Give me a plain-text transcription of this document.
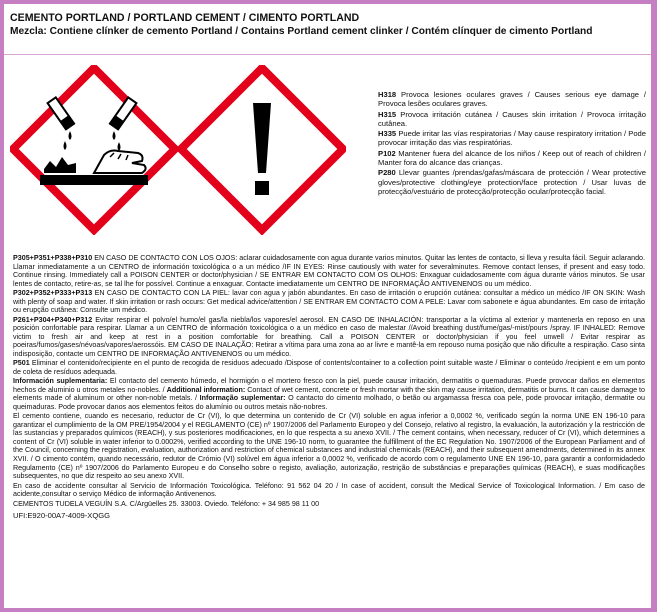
CEMENTO PORTLAND / PORTLAND CEMENT / CIMENTO PORTLAND
Mezcla: Contiene clínker de cemento Portland / Contains Portland cement clinker / Contém clínquer de cimento Portland

H318 Provoca lesiones oculares graves / Causes serious eye damage / Provoca lesões oculares graves.

H315 Provoca irritación cutánea / Causes skin irritation / Provoca irritação cutânea.

H335 Puede irritar las vías respiratorias / May cause respiratory irritation / Pode provocar irritação das vias respiratórias.

P102 Mantener fuera del alcance de los niños / Keep out of reach of children / Manter fora do alcance das crianças.

P280 Llevar guantes /prendas/gafas/máscara de protección / Wear protective gloves/protective clothing/eye protection/face protection / Usar luvas de protecção/vestuário de protecção/protecção ocular/protecção facial.

P305+P351+P338+P310 EN CASO DE CONTACTO CON LOS OJOS: aclarar cuidadosamente con agua durante varios minutos. Quitar las lentes de contacto, si lleva y resulta fácil. Seguir aclarando. Llamar inmediatamente a un CENTRO de información toxicológica o a un médico /IF IN EYES: Rinse cautiously with water for severalminutes. Remove contact lenses, if present and easy todo. Continue rinsing. Immediately call a POISON CENTER or doctor/physician / SE ENTRAR EM CONTACTO COM OS OLHOS: Enxaguar cuidadosamente com água durante vários minutos. Se usar lentes de contacto, retire-as, se tal lhe for possível. Continue a enxaguar. Contacte imediatamente um CENTRO DE INFORMAÇÃO ANTIVENENOS ou um médico.

P302+P352+P333+P313 EN CASO DE CONTACTO CON LA PIEL: lavar con agua y jabón abundantes. En caso de irritación o erupción cutánea: consultar a médico un médico /IF ON SKIN: Wash with plenty of soap and water. If skin irritation or rash occurs: Get medical advice/attention / SE ENTRAR EM CONTACTO COM A PELE: Lavar com sabonete e água abundantes. Em caso de irritação ou erupção cutânea: Consulte um médico.

P261+P304+P340+P312 Evitar respirar el polvo/el humo/el gas/la niebla/los vapores/el aerosol. EN CASO DE INHALACIÓN: transportar a la víctima al exterior y mantenerla en reposo en una posición confortable para respirar. Llamar a un CENTRO de información toxicológica o a un médico en caso de malestar //Avoid breathing dust/fume/gas/-mist/pours /spray. IF INHALED: Remove victim to fresh air and keep at rest in a position comfortable for breathing. Call a POISON CENTER or doctor/physician if you feel unwell / Evitar respirar as poeiras/fumos/gases/névoas/vapores/aerossóis. EM CASO DE INALAÇÃO: Retirar a vítima para uma zona ao ar livre e mantê-la em repouso numa posição que não dificulte a respiração. Caso sinta indisposição, contacte um CENTRO DE INFORMAÇÃO ANTIVENENOS ou um médico.

P501 Eliminar el contenido/recipiente en el punto de recogida de residuos adecuado /Dispose of contents/container to a collection point suitable waste / Eliminar o conteúdo /recipient e em um ponto de coleta de resíduos adequada.

Información suplementaria: El contacto del cemento húmedo, el hormigón o el mortero fresco con la piel, puede causar irritación, dermatitis o quemaduras. Puede provocar daños en elementos hechos de aluminio u otros metales no-nobles. / Additional information: Contact of wet cement, concrete or fresh mortar with the skin may cause irritation, dermatitis or burns. It can cause damage to elements made of aluminum or other non-noble metals. / Informação suplementar: O cantacto do cimento molhado, o betão ou argamassa fresca coa pele, pode provocar irritação, dermatite ou queimaduras. Pode provocar danos aos elementos feitos do alumínio ou outros metais não-nobres.

El cemento contiene, cuando es necesario, reductor de Cr (VI), lo que determina un contenido de Cr (VI) soluble en agua inferior a 0,0002 %, verificado según la norma UNE EN 196-10 para garantizar el cumplimiento de la OM PRE/1954/2004 y el REGLAMENTO (CE) nº 1907/2006 del Parlamento Europeo y del Consejo, relativo al registro, la evaluación, la autorización y la restricción de las sustancias y preparados químicos (REACH), y sus posteriores modificaciones, en lo que respecta a su anexo XVII. / The cement contains, when necessary, reducer of Cr (VI), which determines a content of Cr (VI) soluble in water inferior to 0.0002%, verified according to the UNE 196-10 norm, to guarantee the fulfillment of the EC Regulation No. 1907/2006 of the European Parliament and of the Council, concerning the registration, evaluation, authorization and restriction of chemical substances and industrial chemicals (REACH), and their subsequent amendments, determined in its annex XVII. / O cimento contém, quando necessário, redutor de Crómio (VI) solúvel em água inferior a 0,0002 %, verificado de acordo com o regulamento UNE EN 196-10, para garantir a conformidadedo Regulamento (CE) nº 1907/2006 do Parlamento Europeu e do Conselho sobre o registo, avaliação, autorização, restrição de substâncias e preparações químicas (REACH), e suas modificações subsequentes, no que diz respeito ao seu anexo XVII.

En caso de accidente consultar al Servicio de Información Toxicológica. Teléfono: 91 562 04 20 / In case of accident, consult the Medical Service of Toxicological Information. / Em caso de acidente,consultar o serviço Médico de informação Antivenenos.

CEMENTOS TUDELA VEGUÍN S.A. C/Argüelles 25. 33003. Oviedo. Teléfono: + 34 985 98 11 00

UFI:E920-00A7-4009-XQGG
